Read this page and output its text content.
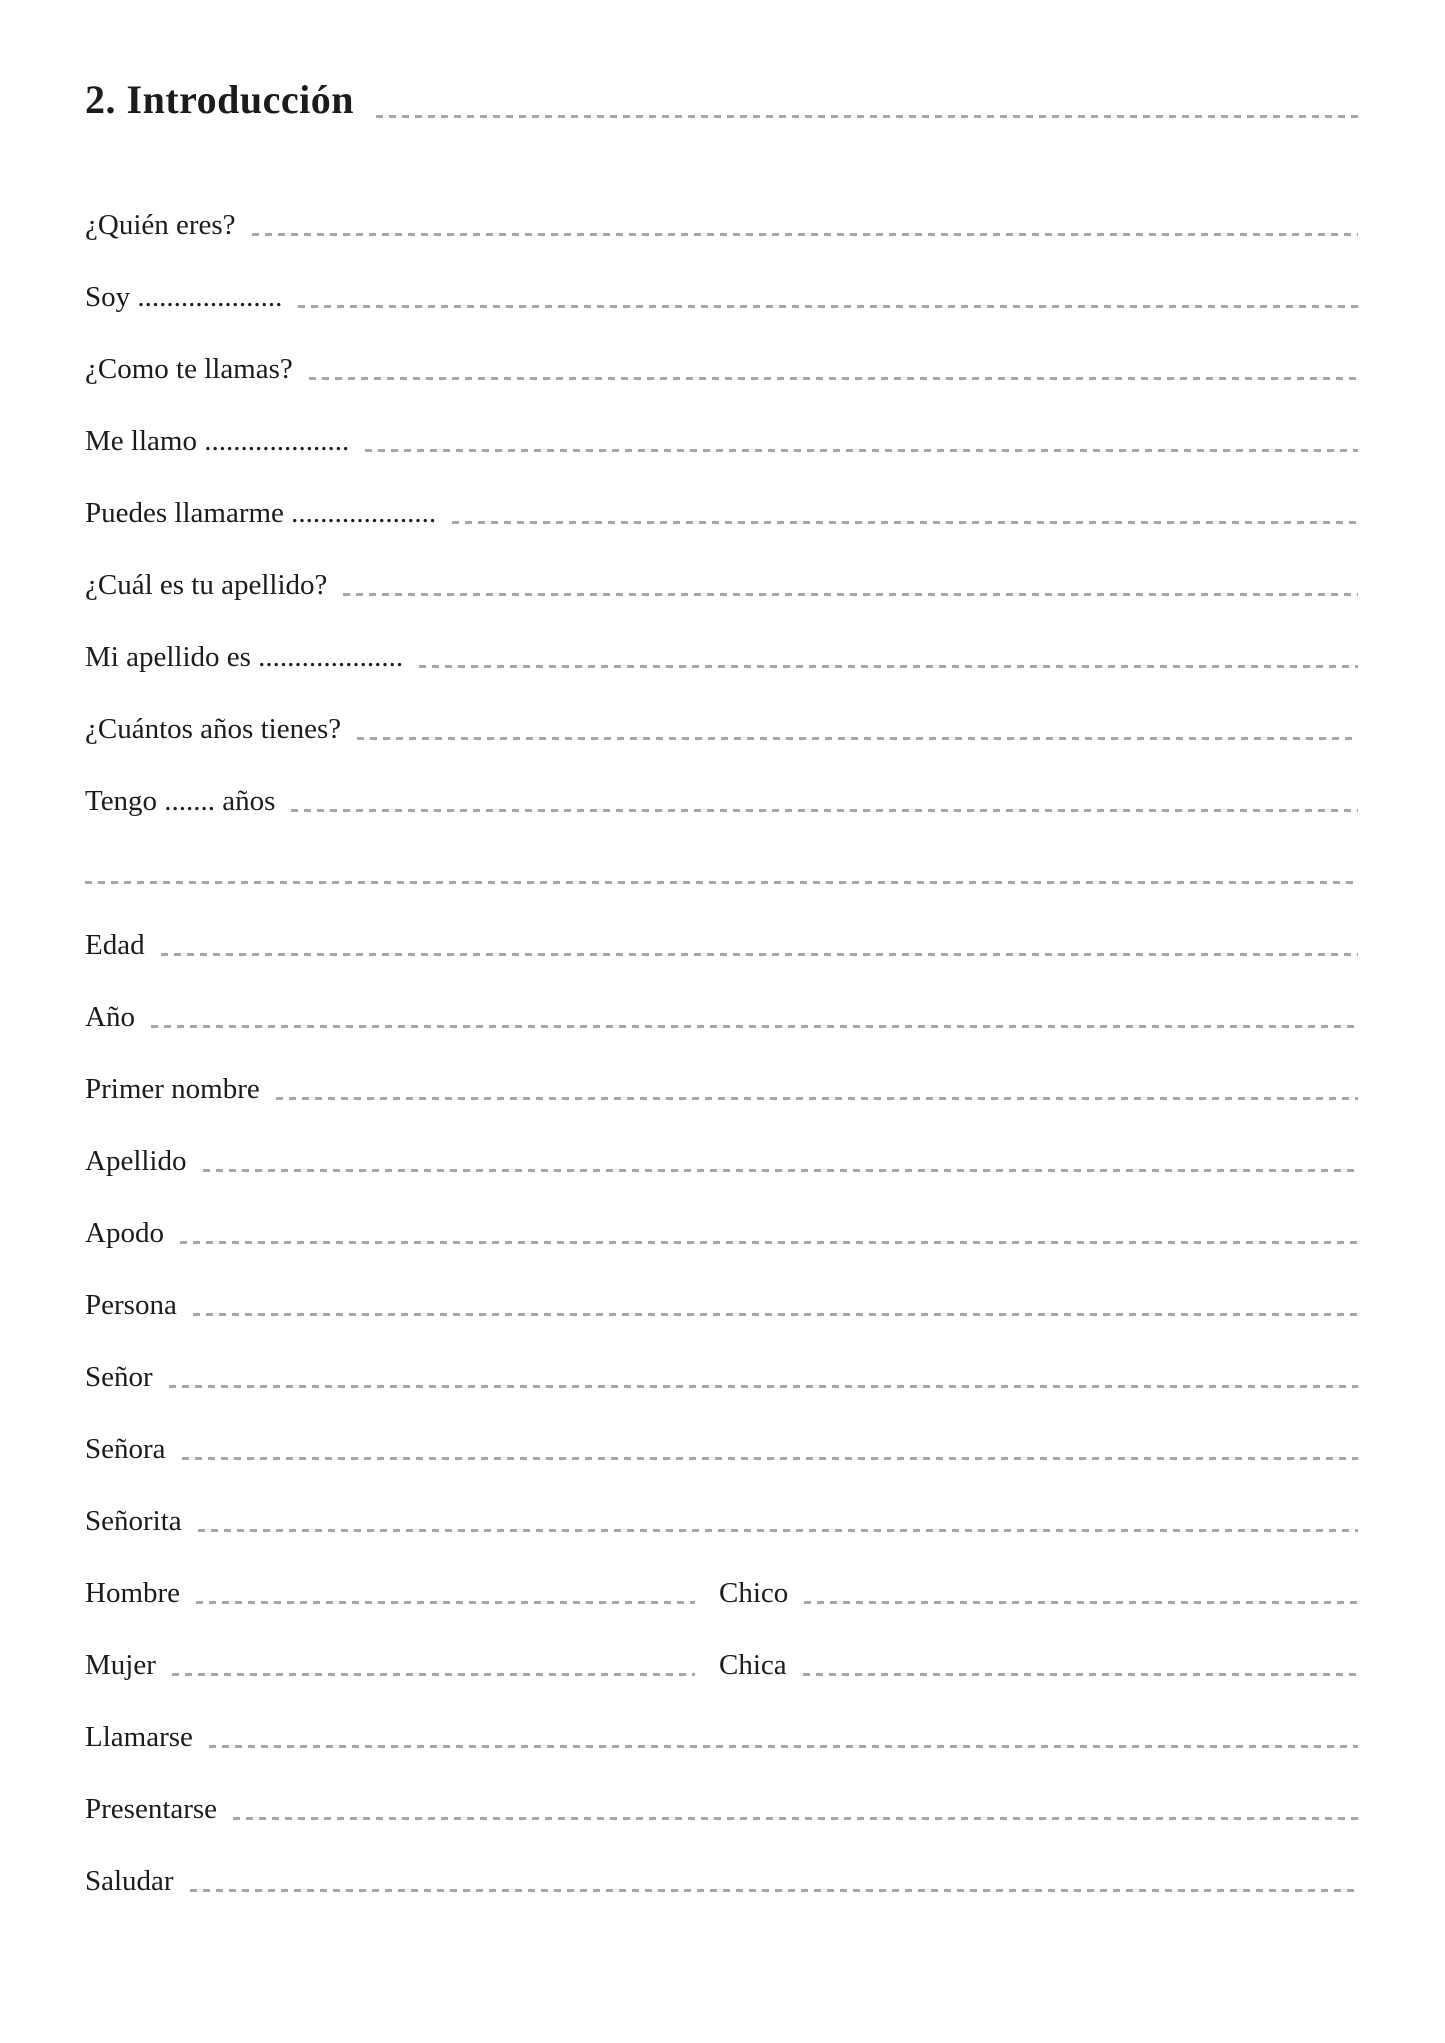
2. Introducción
¿Quién eres?
Soy ....................
¿Como te llamas?
Me llamo ....................
Puedes llamarme ....................
¿Cuál es tu apellido?
Mi apellido es ....................
¿Cuántos años tienes?
Tengo ....... años
Edad
Año
Primer nombre
Apellido
Apodo
Persona
Señor
Señora
Señorita
Hombre	Chico
Mujer	Chica
Llamarse
Presentarse
Saludar
